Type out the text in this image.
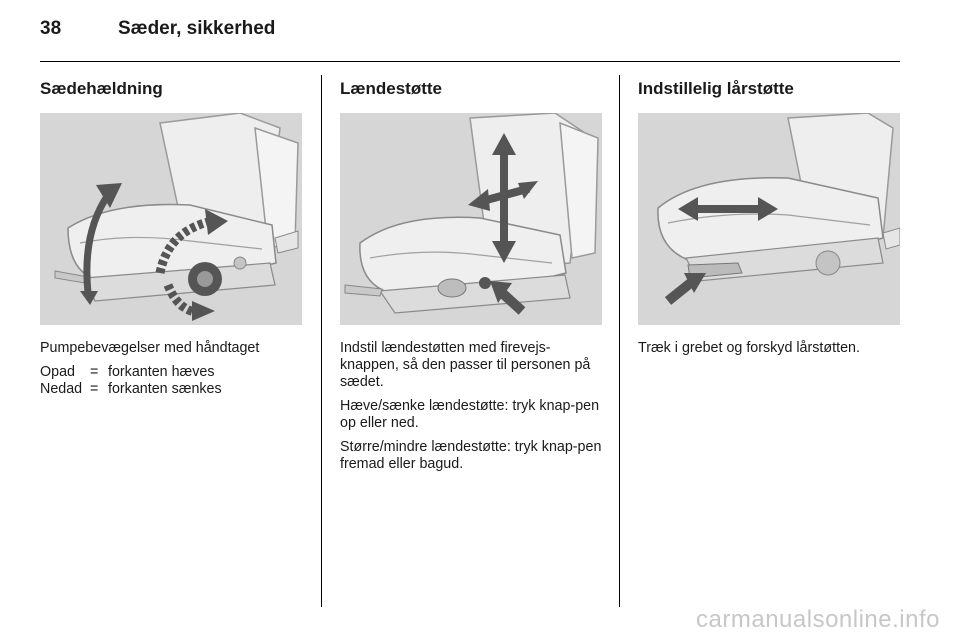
38	Sæder, sikkerhed
Sædehældning

Pumpebevægelser med håndtaget

Opad	=	forkanten hæves
Nedad	=	forkanten sænkes
Lændestøtte

Indstil lændestøtten med firevejs-knappen, så den passer til personen på sædet.

Hæve/sænke lændestøtte: tryk knap-pen op eller ned.

Større/mindre lændestøtte: tryk knap-pen fremad eller bagud.

Indstillelig lårstøtte

Træk i grebet og forskyd lårstøtten.

carmanualsonline.info
